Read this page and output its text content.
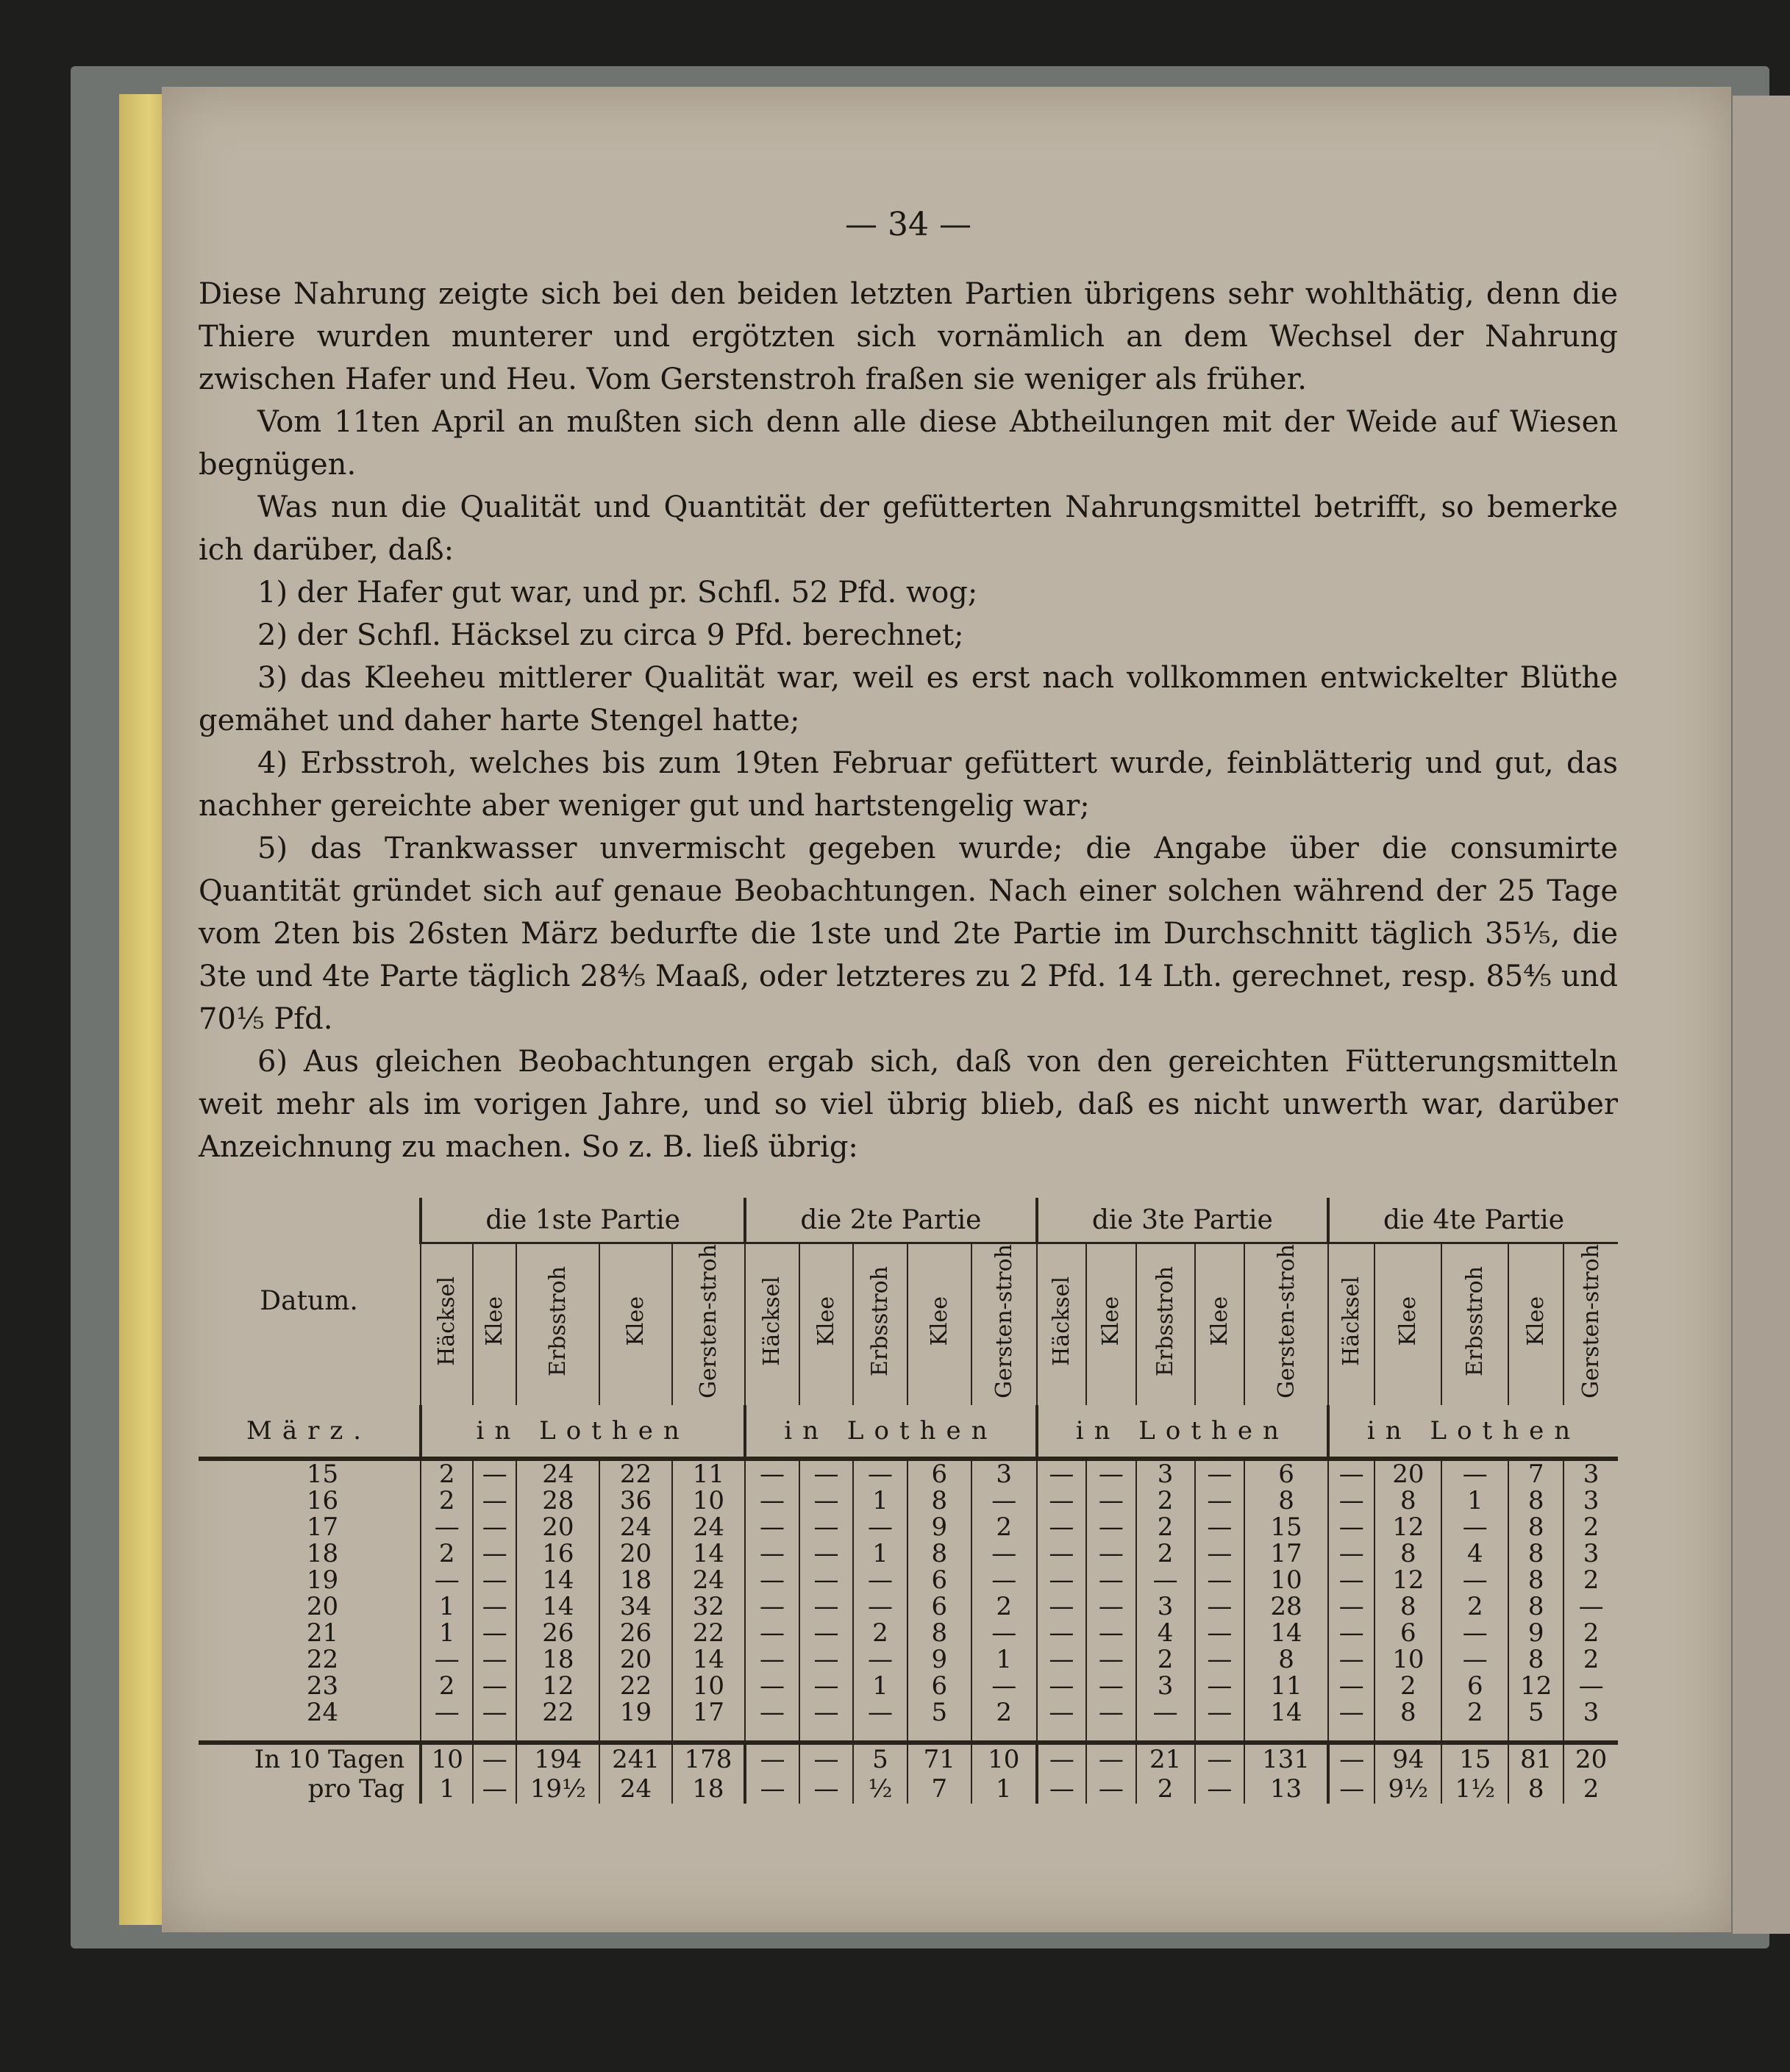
— 34 —

Diese Nahrung zeigte sich bei den beiden letzten Partien übrigens sehr wohlthätig, denn die Thiere wurden munterer und ergötzten sich vornämlich an dem Wechsel der Nahrung zwischen Hafer und Heu. Vom Gerstenstroh fraßen sie weniger als früher.

Vom 11ten April an mußten sich denn alle diese Abtheilungen mit der Weide auf Wiesen begnügen.

Was nun die Qualität und Quantität der gefütterten Nahrungsmittel betrifft, so bemerke ich darüber, daß:

1) der Hafer gut war, und pr. Schfl. 52 Pfd. wog;

2) der Schfl. Häcksel zu circa 9 Pfd. berechnet;

3) das Kleeheu mittlerer Qualität war, weil es erst nach vollkommen entwickelter Blüthe gemähet und daher harte Stengel hatte;

4) Erbsstroh, welches bis zum 19ten Februar gefüttert wurde, feinblätterig und gut, das nachher gereichte aber weniger gut und hartstengelig war;

5) das Trankwasser unvermischt gegeben wurde; die Angabe über die consumirte Quantität gründet sich auf genaue Beobachtungen. Nach einer solchen während der 25 Tage vom 2ten bis 26sten März bedurfte die 1ste und 2te Partie im Durchschnitt täglich 35⅕, die 3te und 4te Parte täglich 28⅘ Maaß, oder letzteres zu 2 Pfd. 14 Lth. gerechnet, resp. 85⅘ und 70⅕ Pfd.

6) Aus gleichen Beobachtungen ergab sich, daß von den gereichten Fütterungsmitteln weit mehr als im vorigen Jahre, und so viel übrig blieb, daß es nicht unwerth war, darüber Anzeichnung zu machen. So z. B. ließ übrig:

Datum.	die 1ste Partie					die 2te Partie					die 3te Partie					die 4te Partie				
	Häcksel	Klee	Erbsstroh	Klee	Gersten-stroh	Häcksel	Klee	Erbsstroh	Klee	Gersten-stroh	Häcksel	Klee	Erbsstroh	Klee	Gersten-stroh	Häcksel	Klee	Erbsstroh	Klee	Gersten-stroh
März.	in Lothen					in Lothen					in Lothen					in Lothen				
15	2	—	24	22	11	—	—	—	6	3	—	—	3	—	6	—	20	—	7	3
16	2	—	28	36	10	—	—	1	8	—	—	—	2	—	8	—	8	1	8	3
17	—	—	20	24	24	—	—	—	9	2	—	—	2	—	15	—	12	—	8	2
18	2	—	16	20	14	—	—	1	8	—	—	—	2	—	17	—	8	4	8	3
19	—	—	14	18	24	—	—	—	6	—	—	—	—	—	10	—	12	—	8	2
20	1	—	14	34	32	—	—	—	6	2	—	—	3	—	28	—	8	2	8	—
21	1	—	26	26	22	—	—	2	8	—	—	—	4	—	14	—	6	—	9	2
22	—	—	18	20	14	—	—	—	9	1	—	—	2	—	8	—	10	—	8	2
23	2	—	12	22	10	—	—	1	6	—	—	—	3	—	11	—	2	6	12	—
24	—	—	22	19	17	—	—	—	5	2	—	—	—	—	14	—	8	2	5	3
In 10 Tagen	10	—	194	241	178	—	—	5	71	10	—	—	21	—	131	—	94	15	81	20
pro Tag	1	—	19½	24	18	—	—	½	7	1	—	—	2	—	13	—	9½	1½	8	2
